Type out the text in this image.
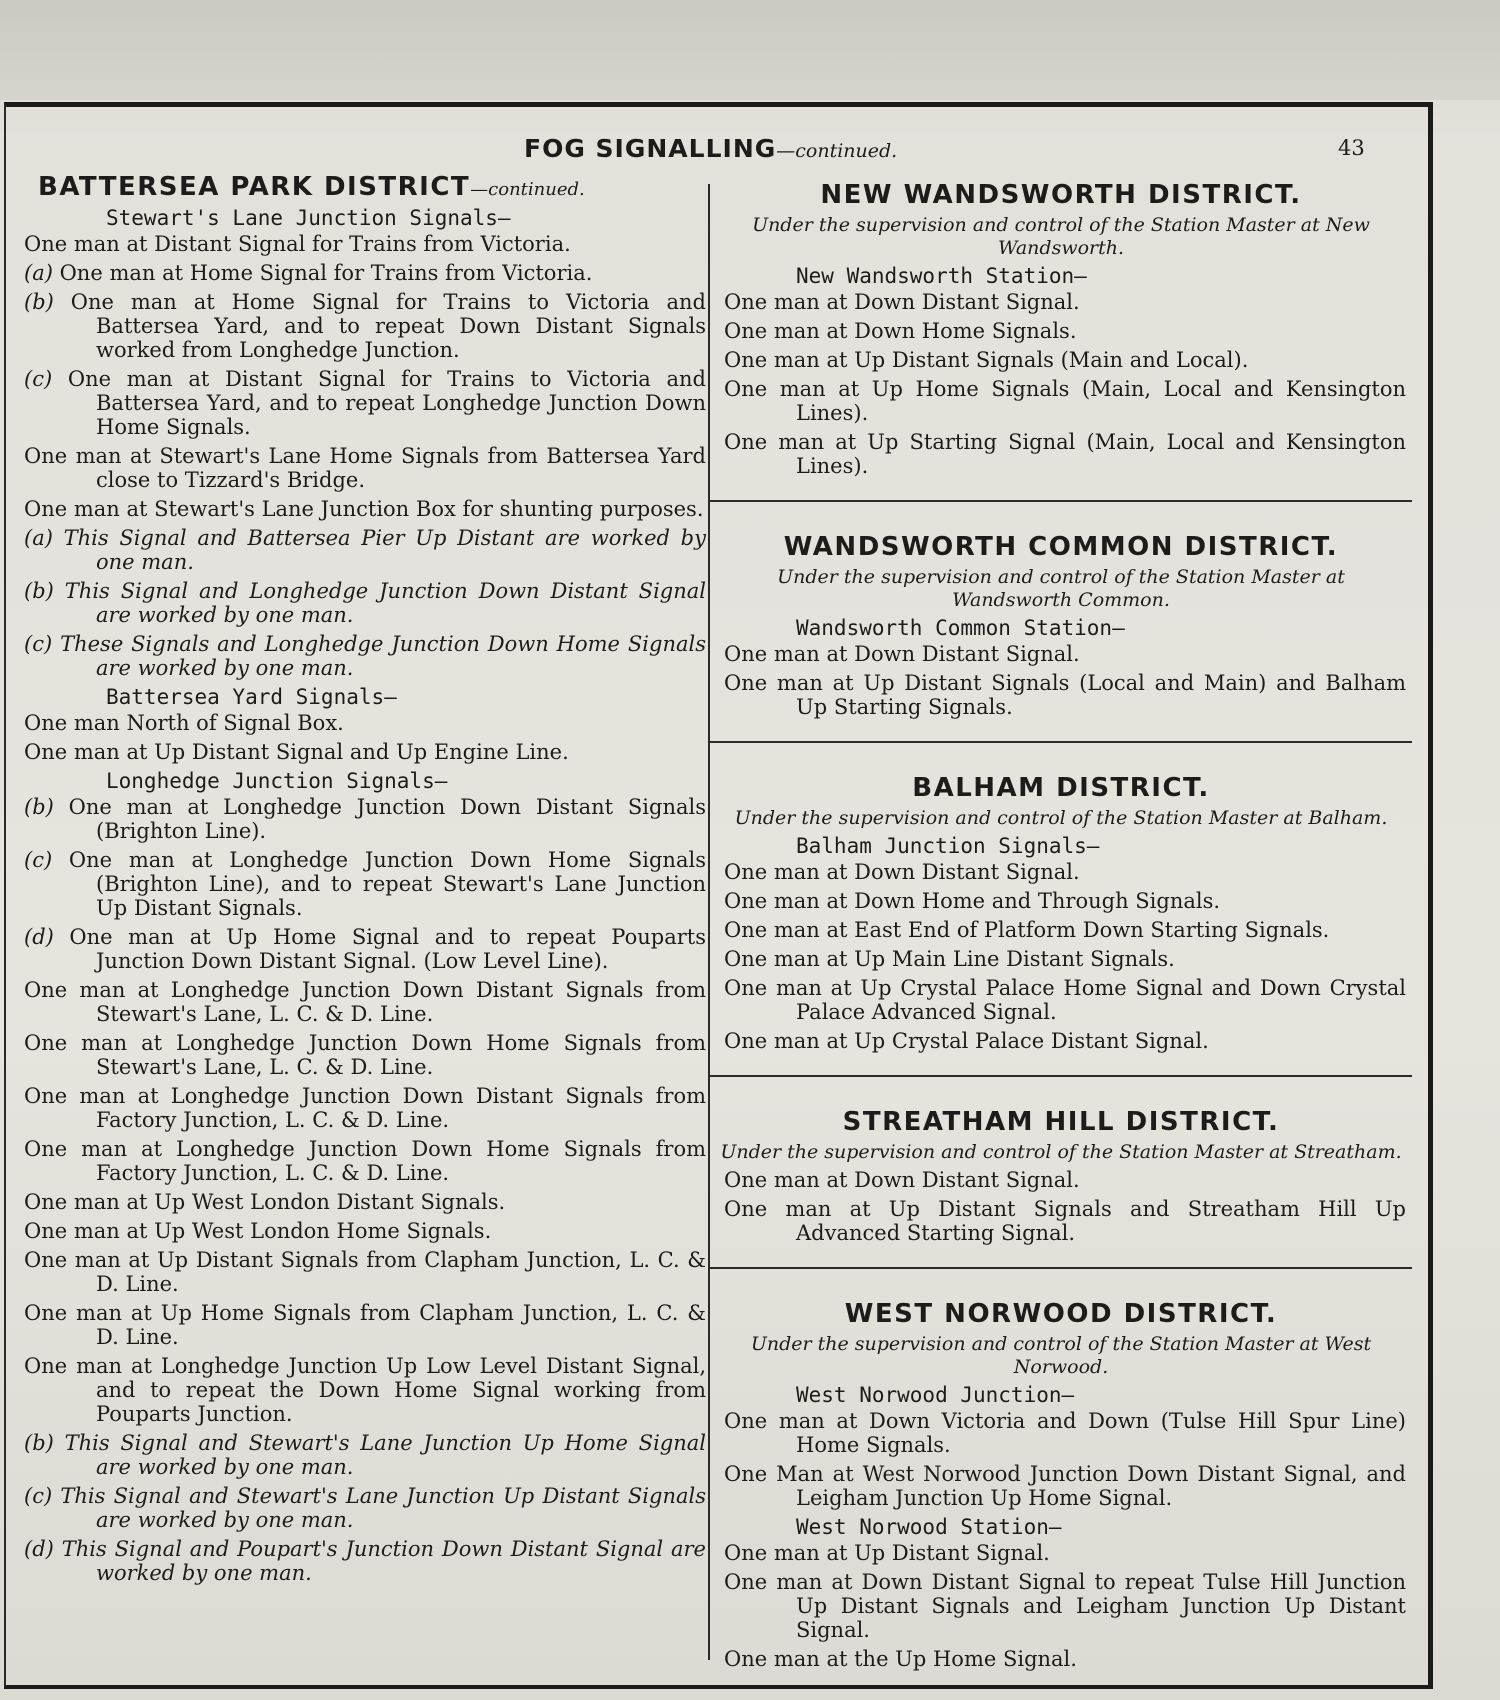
FOG SIGNALLING—continued.	43
BATTERSEA PARK DISTRICT—continued.
Stewart's Lane Junction Signals—
One man at Distant Signal for Trains from Victoria.
(a) One man at Home Signal for Trains from Victoria.
(b) One man at Home Signal for Trains to Victoria and Battersea Yard, and to repeat Down Distant Signals worked from Longhedge Junction.
(c) One man at Distant Signal for Trains to Victoria and Battersea Yard, and to repeat Longhedge Junction Down Home Signals.
One man at Stewart's Lane Home Signals from Battersea Yard close to Tizzard's Bridge.
One man at Stewart's Lane Junction Box for shunting purposes.
(a) This Signal and Battersea Pier Up Distant are worked by one man.
(b) This Signal and Longhedge Junction Down Distant Signal are worked by one man.
(c) These Signals and Longhedge Junction Down Home Signals are worked by one man.
Battersea Yard Signals—
One man North of Signal Box.
One man at Up Distant Signal and Up Engine Line.
Longhedge Junction Signals—
(b) One man at Longhedge Junction Down Distant Signals (Brighton Line).
(c) One man at Longhedge Junction Down Home Signals (Brighton Line), and to repeat Stewart's Lane Junction Up Distant Signals.
(d) One man at Up Home Signal and to repeat Pouparts Junction Down Distant Signal. (Low Level Line).
One man at Longhedge Junction Down Distant Signals from Stewart's Lane, L. C. & D. Line.
One man at Longhedge Junction Down Home Signals from Stewart's Lane, L. C. & D. Line.
One man at Longhedge Junction Down Distant Signals from Factory Junction, L. C. & D. Line.
One man at Longhedge Junction Down Home Signals from Factory Junction, L. C. & D. Line.
One man at Up West London Distant Signals.
One man at Up West London Home Signals.
One man at Up Distant Signals from Clapham Junction, L. C. & D. Line.
One man at Up Home Signals from Clapham Junction, L. C. & D. Line.
One man at Longhedge Junction Up Low Level Distant Signal, and to repeat the Down Home Signal working from Pouparts Junction.
(b) This Signal and Stewart's Lane Junction Up Home Signal are worked by one man.
(c) This Signal and Stewart's Lane Junction Up Distant Signals are worked by one man.
(d) This Signal and Poupart's Junction Down Distant Signal are worked by one man.
NEW WANDSWORTH DISTRICT.
Under the supervision and control of the Station Master at New Wandsworth.
New Wandsworth Station—
One man at Down Distant Signal.
One man at Down Home Signals.
One man at Up Distant Signals (Main and Local).
One man at Up Home Signals (Main, Local and Kensington Lines).
One man at Up Starting Signal (Main, Local and Kensington Lines).
WANDSWORTH COMMON DISTRICT.
Under the supervision and control of the Station Master at Wandsworth Common.
Wandsworth Common Station—
One man at Down Distant Signal.
One man at Up Distant Signals (Local and Main) and Balham Up Starting Signals.
BALHAM DISTRICT.
Under the supervision and control of the Station Master at Balham.
Balham Junction Signals—
One man at Down Distant Signal.
One man at Down Home and Through Signals.
One man at East End of Platform Down Starting Signals.
One man at Up Main Line Distant Signals.
One man at Up Crystal Palace Home Signal and Down Crystal Palace Advanced Signal.
One man at Up Crystal Palace Distant Signal.
STREATHAM HILL DISTRICT.
Under the supervision and control of the Station Master at Streatham.
One man at Down Distant Signal.
One man at Up Distant Signals and Streatham Hill Up Advanced Starting Signal.
WEST NORWOOD DISTRICT.
Under the supervision and control of the Station Master at West Norwood.
West Norwood Junction—
One man at Down Victoria and Down (Tulse Hill Spur Line) Home Signals.
One Man at West Norwood Junction Down Distant Signal, and Leigham Junction Up Home Signal.
West Norwood Station—
One man at Up Distant Signal.
One man at Down Distant Signal to repeat Tulse Hill Junction Up Distant Signals and Leigham Junction Up Distant Signal.
One man at the Up Home Signal.
